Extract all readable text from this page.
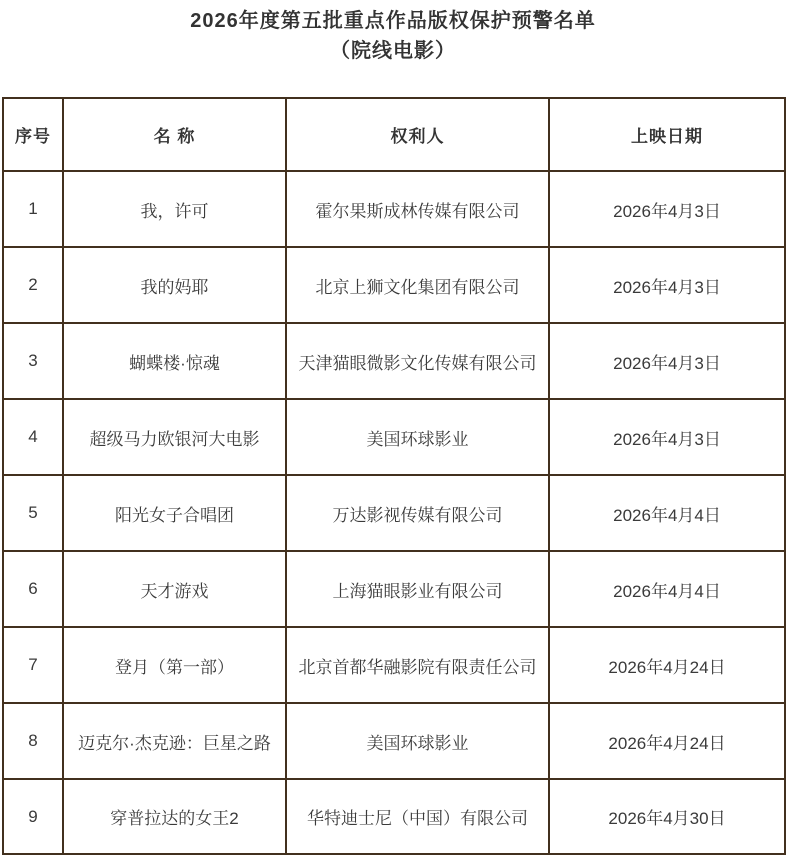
2026年度第五批重点作品版权保护预警名单
（院线电影）
序号	名 称	权利人	上映日期
1	我，许可	霍尔果斯成林传媒有限公司	2026年4月3日
2	我的妈耶	北京上狮文化集团有限公司	2026年4月3日
3	蝴蝶楼·惊魂	天津猫眼微影文化传媒有限公司	2026年4月3日
4	超级马力欧银河大电影	美国环球影业	2026年4月3日
5	阳光女子合唱团	万达影视传媒有限公司	2026年4月4日
6	天才游戏	上海猫眼影业有限公司	2026年4月4日
7	登月（第一部）	北京首都华融影院有限责任公司	2026年4月24日
8	迈克尔·杰克逊：巨星之路	美国环球影业	2026年4月24日
9	穿普拉达的女王2	华特迪士尼（中国）有限公司	2026年4月30日
